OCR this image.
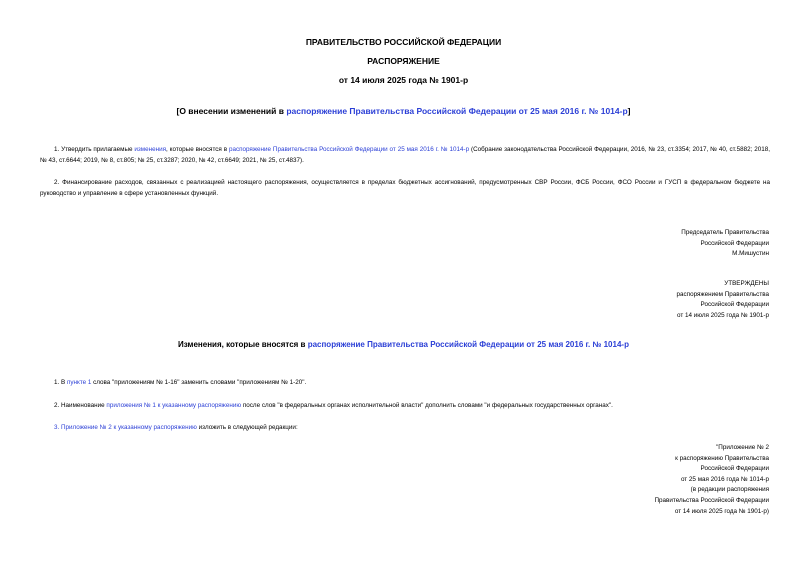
ПРАВИТЕЛЬСТВО РОССИЙСКОЙ ФЕДЕРАЦИИ
РАСПОРЯЖЕНИЕ
от 14 июля 2025 года № 1901-р
[О внесении изменений в распоряжение Правительства Российской Федерации от 25 мая 2016 г. № 1014-р]
1. Утвердить прилагаемые изменения, которые вносятся в распоряжение Правительства Российской Федерации от 25 мая 2016 г. № 1014-р (Собрание законодательства Российской Федерации, 2016, № 23, ст.3354; 2017, № 40, ст.5882; 2018, № 43, ст.6644; 2019, № 8, ст.805; № 25, ст.3287; 2020, № 42, ст.6649; 2021, № 25, ст.4837).
2. Финансирование расходов, связанных с реализацией настоящего распоряжения, осуществляется в пределах бюджетных ассигнований, предусмотренных СВР России, ФСБ России, ФСО России и ГУСП в федеральном бюджете на руководство и управление в сфере установленных функций.
Председатель Правительства
Российской Федерации
М.Мишустин
УТВЕРЖДЕНЫ
распоряжением Правительства
Российской Федерации
от 14 июля 2025 года № 1901-р
Изменения, которые вносятся в распоряжение Правительства Российской Федерации от 25 мая 2016 г. № 1014-р
1. В пункте 1 слова "приложениям № 1-16" заменить словами "приложениям № 1-20".
2. Наименование приложения № 1 к указанному распоряжению после слов "в федеральных органах исполнительной власти" дополнить словами "и федеральных государственных органах".
3. Приложение № 2 к указанному распоряжению изложить в следующей редакции:
"Приложение № 2
к распоряжению Правительства
Российской Федерации
от 25 мая 2016 года № 1014-р
(в редакции распоряжения
Правительства Российской Федерации
от 14 июля 2025 года № 1901-р)
